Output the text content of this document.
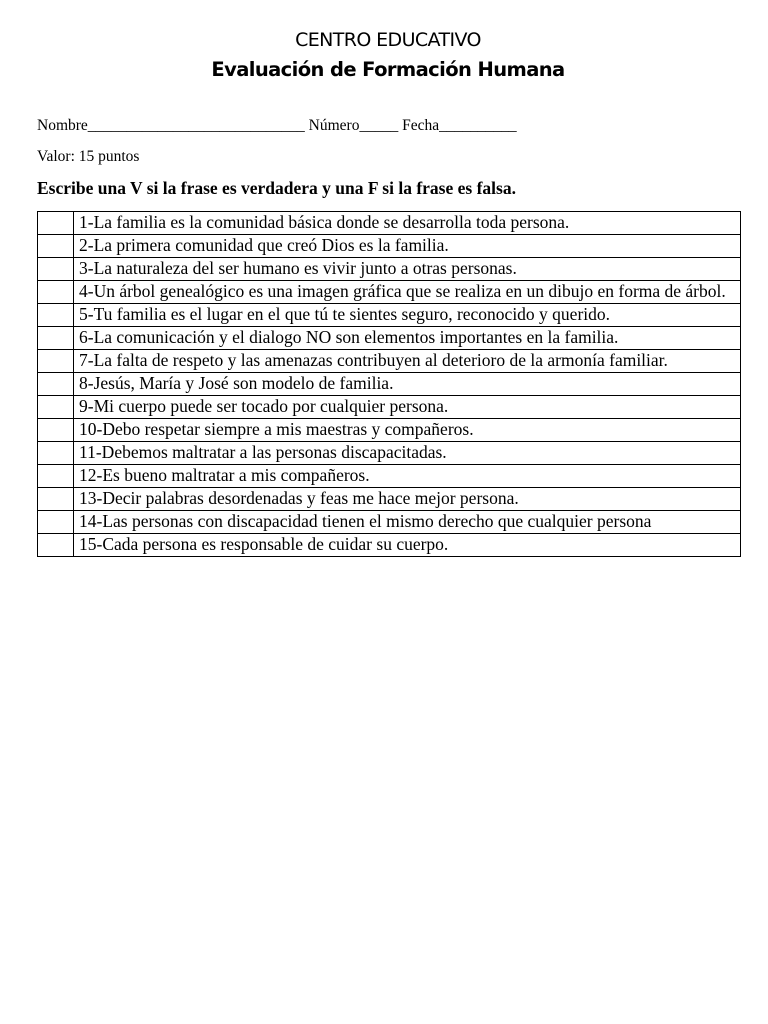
CENTRO EDUCATIVO
Evaluación de Formación Humana
Nombre____________________________ Número_____ Fecha__________
Valor: 15 puntos
Escribe una V si la frase es verdadera y una F si la frase es falsa.
	1-La familia es la comunidad básica donde se desarrolla toda persona.
	2-La primera comunidad que creó Dios es la familia.
	3-La naturaleza del ser humano es vivir junto a otras personas.
	4-Un árbol genealógico es una imagen gráfica que se realiza en un dibujo en forma de árbol.
	5-Tu familia es el lugar en el que tú te sientes seguro, reconocido y querido.
	6-La comunicación y el dialogo NO son elementos importantes en la familia.
	7-La falta de respeto y las amenazas contribuyen al deterioro de la armonía familiar.
	8-Jesús, María y José son modelo de familia.
	9-Mi cuerpo puede ser tocado por cualquier persona.
	10-Debo respetar siempre a mis maestras y compañeros.
	11-Debemos maltratar a las personas discapacitadas.
	12-Es bueno maltratar a mis compañeros.
	13-Decir palabras desordenadas y feas me hace mejor persona.
	14-Las personas con discapacidad tienen el mismo derecho que cualquier persona
	15-Cada persona es responsable de cuidar su cuerpo.
